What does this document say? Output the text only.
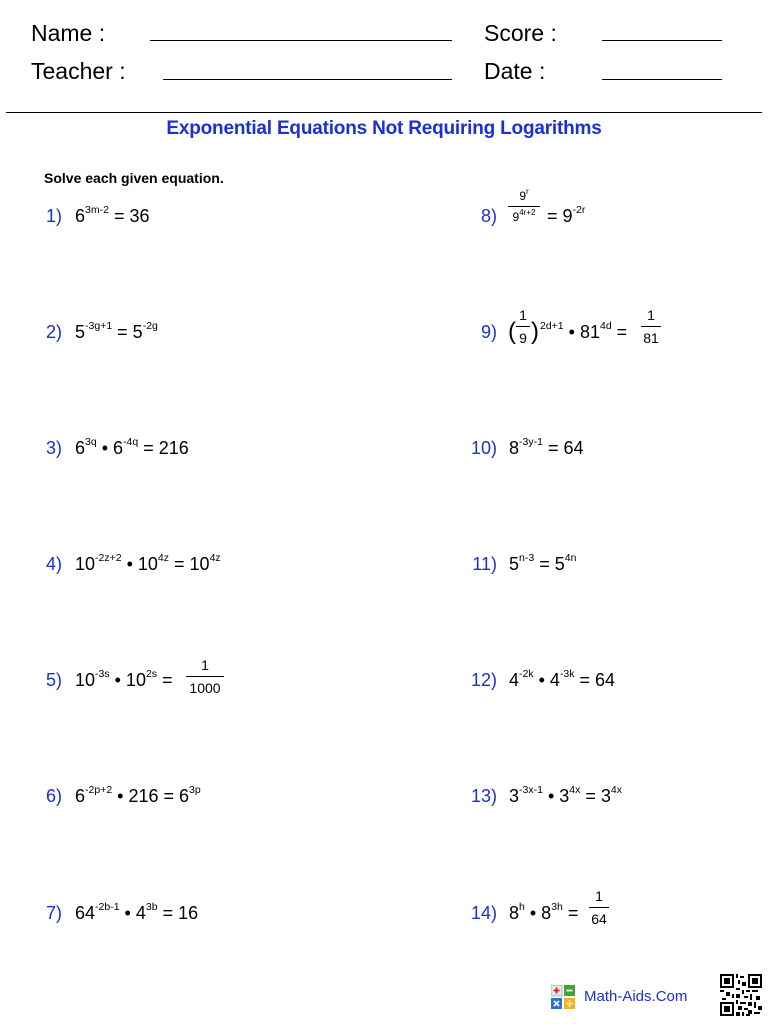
Name :
Teacher :
Score :
Date :
Exponential Equations Not Requiring Logarithms
Solve each given equation.
1) $6^{3m-2} = 36$
2) $5^{-3g+1} = 5^{-2g}$
3) $6^{3q}$ • $6^{-4q} = 216$
4) $10^{-2z+2}$ • $10^{4z} = 10^{4z}$
5) $10^{-3s}$ • $10^{2s}$ =
1
1000
6) $6^{-2p+2}$ • $216 = 6^{3p}$
7) $64^{-2b-1}$ • $4^{3b} = 16$
8)
9$^r$
$9^{4r+2} = 9^{-2r}$
9) (
1
9 ) $^{2d+1}$ • $81^{4d}$ =
1
81
10) $8^{-3y-1} = 64$
11) $5^{n-3} = 5^{4n}$
12) $4^{-2k}$ • $4^{-3k} = 64$
13) $3^{-3x-1}$ • $3^{4x} = 3^{4x}$
14) 8$^h$ • $8^{3h}$ =
1
64
Math-Aids.Com
